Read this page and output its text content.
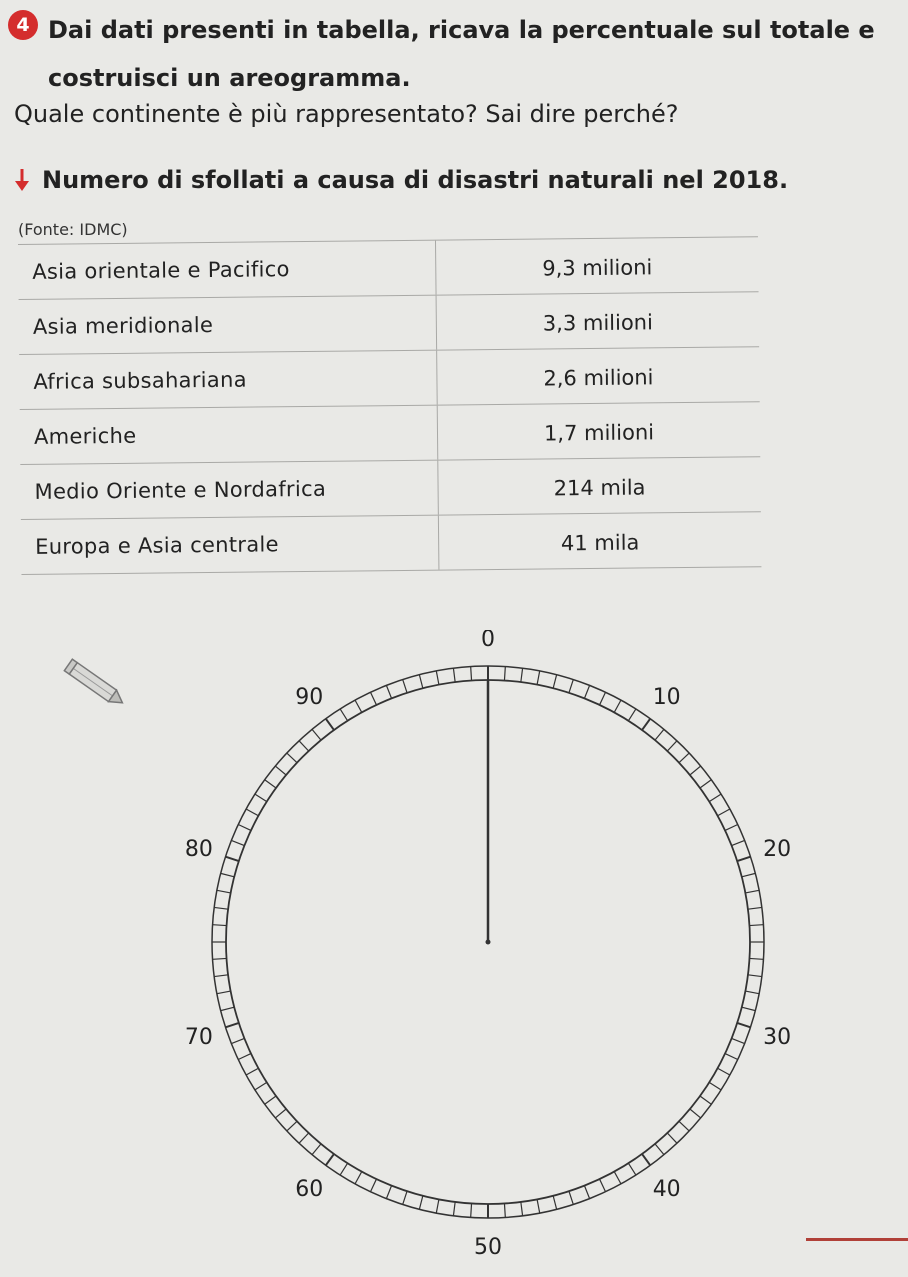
4 Dai dati presenti in tabella, ricava la percentuale sul totale e
costruisci un areogramma.
Quale continente è più rappresentato? Sai dire perché?
Numero di sfollati a causa di disastri naturali nel 2018.
(Fonte: IDMC)
Asia orientale e Pacifico	9,3 milioni
Asia meridionale	3,3 milioni
Africa subsahariana	2,6 milioni
Americhe	1,7 milioni
Medio Oriente e Nordafrica	214 mila
Europa e Asia centrale	41 mila
0
10
20
30
40
50
60
70
80
90
